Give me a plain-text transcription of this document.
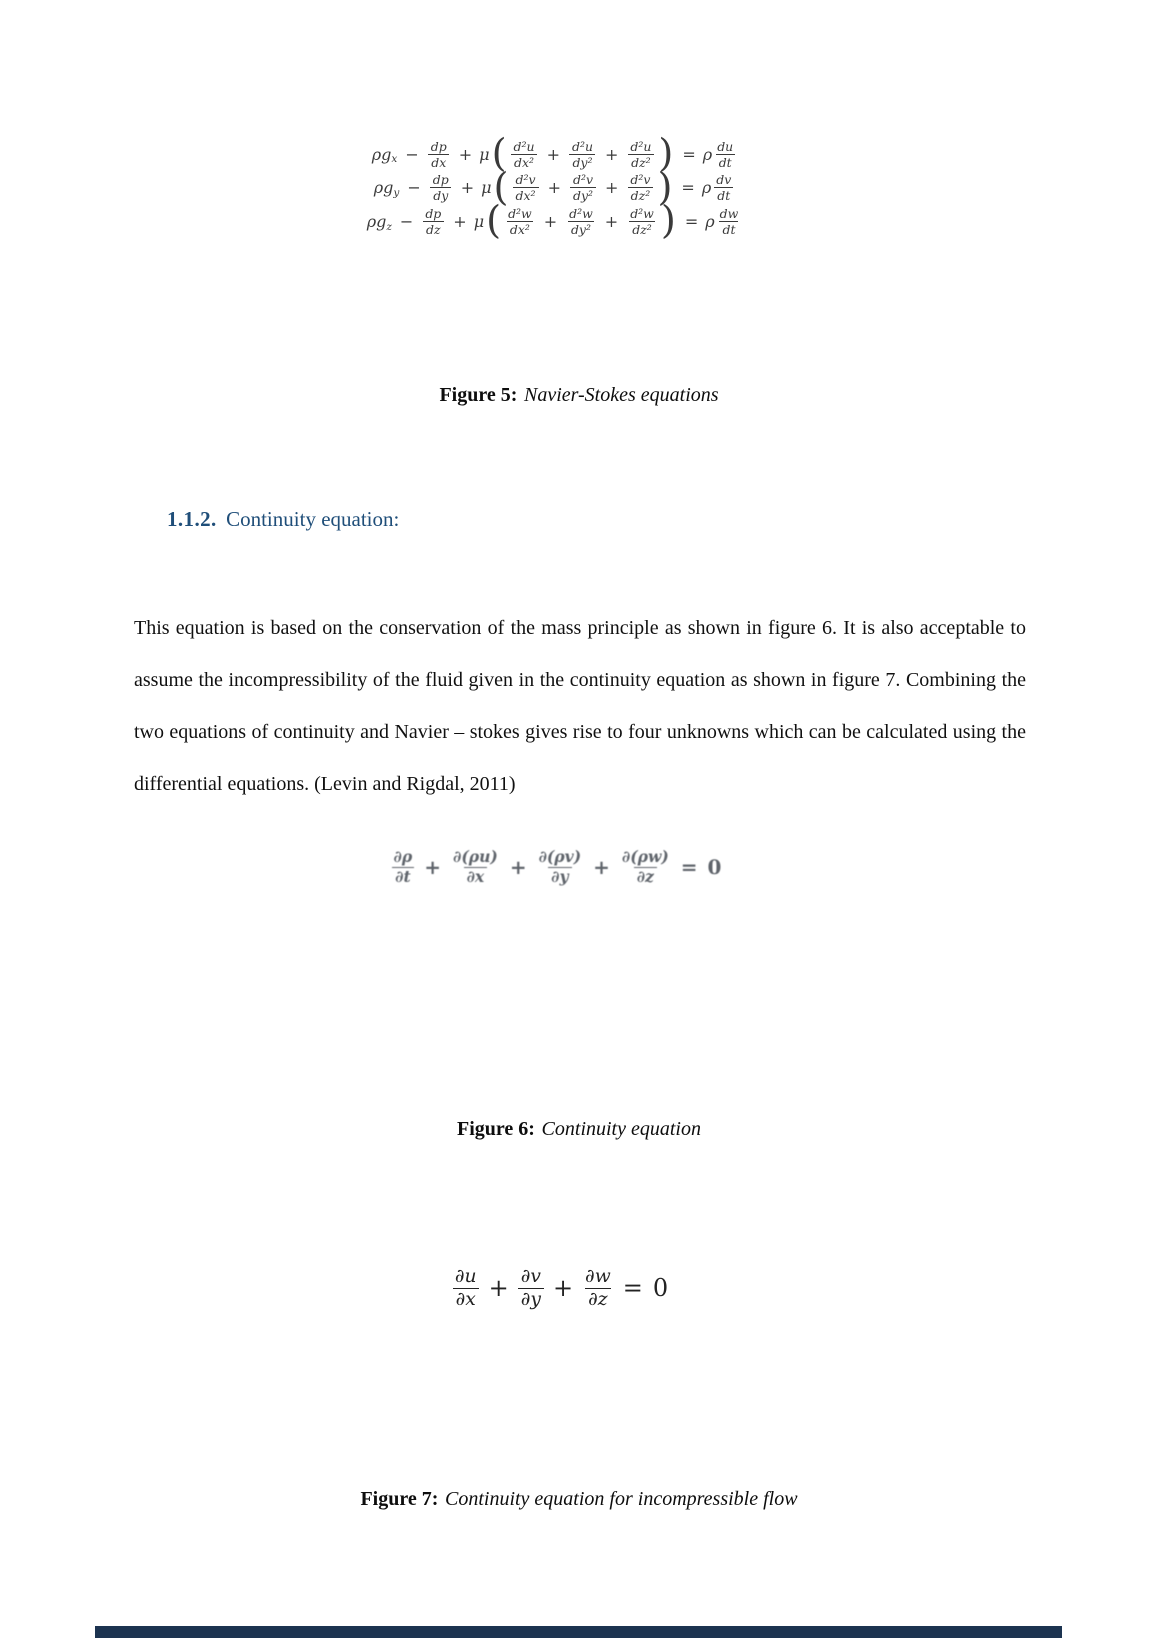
ρg $x - \frac{dp}{dx} + \mu$ ( $\frac{\text{d²u}}{\text{dx²}} + \frac{\text{d²u}}{\text{dy²}} + \frac{\text{d²u}}{\text{dz²}}$ ) = ρ $\frac{du}{dt}$
ρg $y - \frac{dp}{dy} + \mu$ ( $\frac{\text{d²v}}{\text{dx²}} + \frac{\text{d²v}}{\text{dy²}} + \frac{\text{d²v}}{\text{dz²}}$ ) = ρ $\frac{dv}{dt}$
ρg $z - \frac{dp}{dz} + \mu$ ( $\frac{\text{d²w}}{\text{dx²}} + \frac{\text{d²w}}{\text{dy²}} + \frac{\text{d²w}}{\text{dz²}}$ ) = ρ $\frac{dw}{dt}$
Figure 5: Navier-Stokes equations
1.1.2. Continuity equation:

This equation is based on the conservation of the mass principle as shown in figure 6. It is also acceptable to assume the incompressibility of the fluid given in the continuity equation as shown in figure 7. Combining the two equations of continuity and Navier – stokes gives rise to four unknowns which can be calculated using the differential equations. (Levin and Rigdal, 2011)

$\frac{\partial\rho}{\partial t} + \frac{\partial(\rho u)}{\partial x} + \frac{\partial(\rho v)}{\partial y} + \frac{\partial(\rho w)}{\partial z} = 0$
Figure 6: Continuity equation
$\frac{\partial u}{\partial x} + \frac{\partial v}{\partial y} + \frac{\partial w}{\partial z} = 0$
Figure 7: Continuity equation for incompressible flow
